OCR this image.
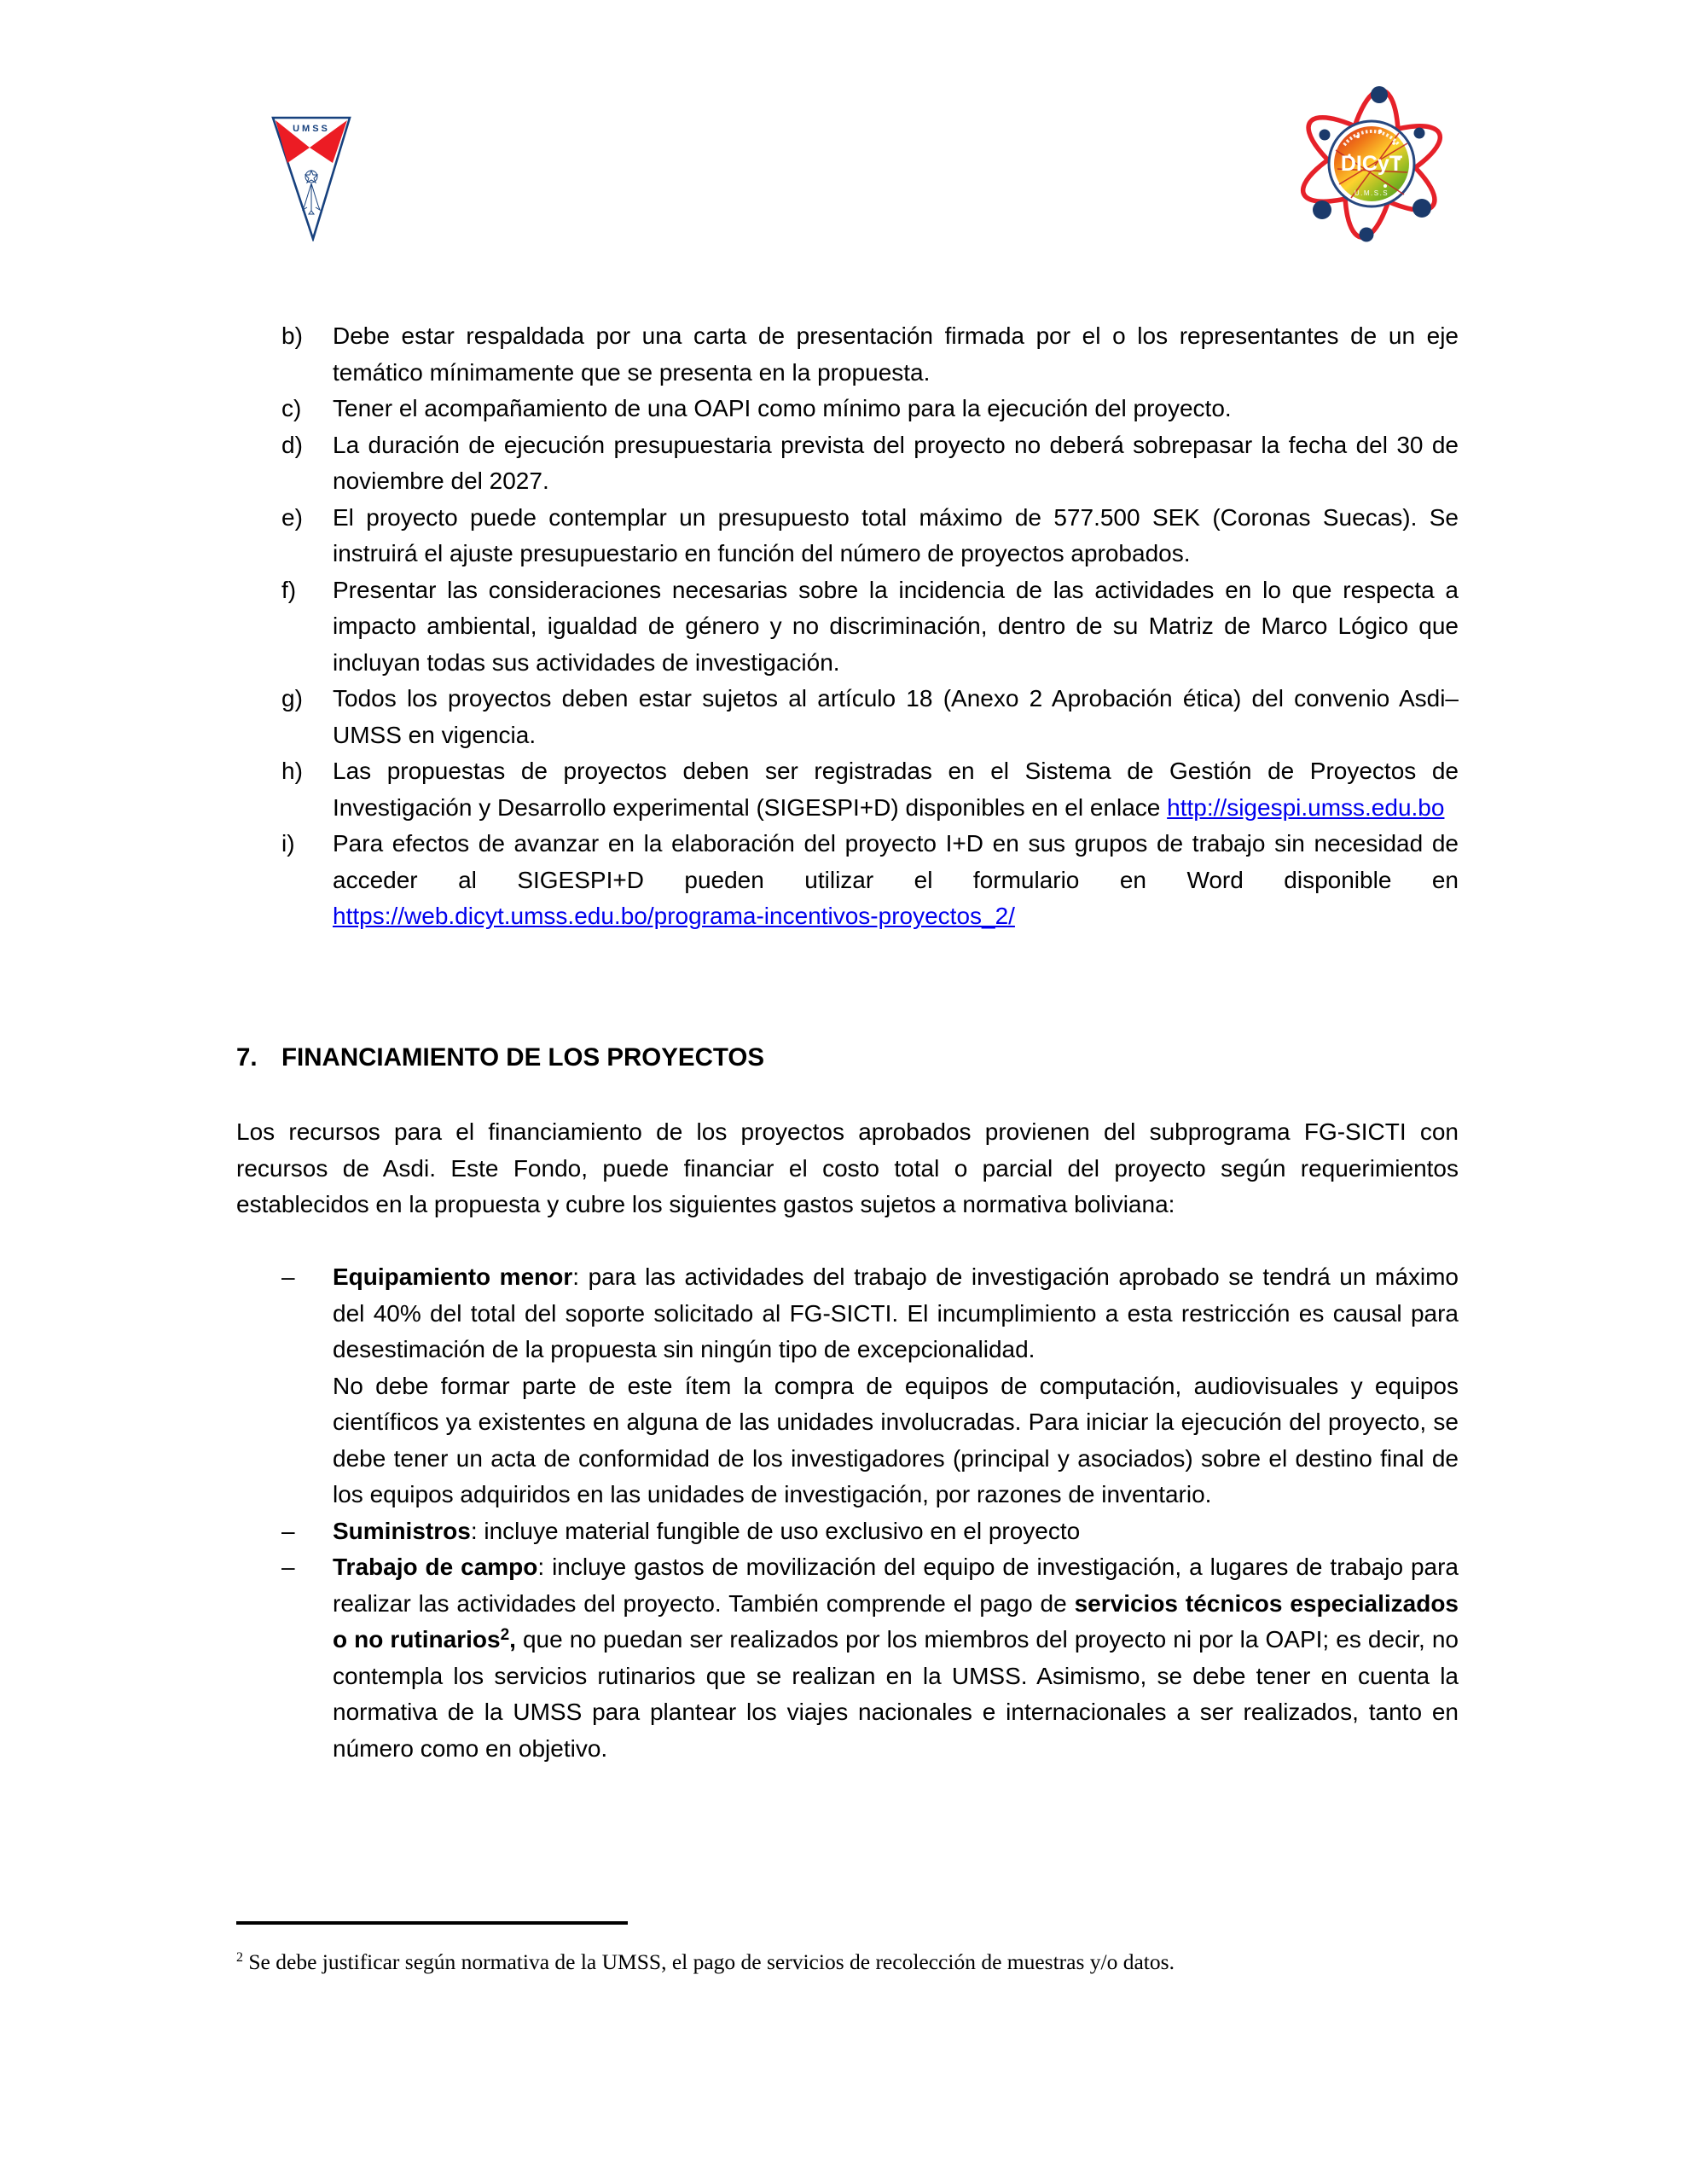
UMSS
DICyT
U.M.S.S
b) Debe estar respaldada por una carta de presentación firmada por el o los representantes de un eje temático mínimamente que se presenta en la propuesta.
c) Tener el acompañamiento de una OAPI como mínimo para la ejecución del proyecto.
d) La duración de ejecución presupuestaria prevista del proyecto no deberá sobrepasar la fecha del 30 de noviembre del 2027.
e) El proyecto puede contemplar un presupuesto total máximo de 577.500 SEK (Coronas Suecas). Se instruirá el ajuste presupuestario en función del número de proyectos aprobados.
f) Presentar las consideraciones necesarias sobre la incidencia de las actividades en lo que respecta a impacto ambiental, igualdad de género y no discriminación, dentro de su Matriz de Marco Lógico que incluyan todas sus actividades de investigación.
g) Todos los proyectos deben estar sujetos al artículo 18 (Anexo 2 Aprobación ética) del convenio Asdi–UMSS en vigencia.
h) Las propuestas de proyectos deben ser registradas en el Sistema de Gestión de Proyectos de Investigación y Desarrollo experimental (SIGESPI+D) disponibles en el enlace http://sigespi.umss.edu.bo
i) Para efectos de avanzar en la elaboración del proyecto I+D en sus grupos de trabajo sin necesidad de acceder al SIGESPI+D pueden utilizar el formulario en Word disponible en https://web.dicyt.umss.edu.bo/programa-incentivos-proyectos_2/
7. FINANCIAMIENTO DE LOS PROYECTOS
Los recursos para el financiamiento de los proyectos aprobados provienen del subprograma FG-SICTI con recursos de Asdi. Este Fondo, puede financiar el costo total o parcial del proyecto según requerimientos establecidos en la propuesta y cubre los siguientes gastos sujetos a normativa boliviana:
– Equipamiento menor: para las actividades del trabajo de investigación aprobado se tendrá un máximo del 40% del total del soporte solicitado al FG-SICTI. El incumplimiento a esta restricción es causal para desestimación de la propuesta sin ningún tipo de excepcionalidad.
No debe formar parte de este ítem la compra de equipos de computación, audiovisuales y equipos científicos ya existentes en alguna de las unidades involucradas. Para iniciar la ejecución del proyecto, se debe tener un acta de conformidad de los investigadores (principal y asociados) sobre el destino final de los equipos adquiridos en las unidades de investigación, por razones de inventario.
– Suministros: incluye material fungible de uso exclusivo en el proyecto
– Trabajo de campo: incluye gastos de movilización del equipo de investigación, a lugares de trabajo para realizar las actividades del proyecto. También comprende el pago de servicios técnicos especializados o no rutinarios$^2$, que no puedan ser realizados por los miembros del proyecto ni por la OAPI; es decir, no contempla los servicios rutinarios que se realizan en la UMSS. Asimismo, se debe tener en cuenta la normativa de la UMSS para plantear los viajes nacionales e internacionales a ser realizados, tanto en número como en objetivo.
$^2$ Se debe justificar según normativa de la UMSS, el pago de servicios de recolección de muestras y/o datos.
